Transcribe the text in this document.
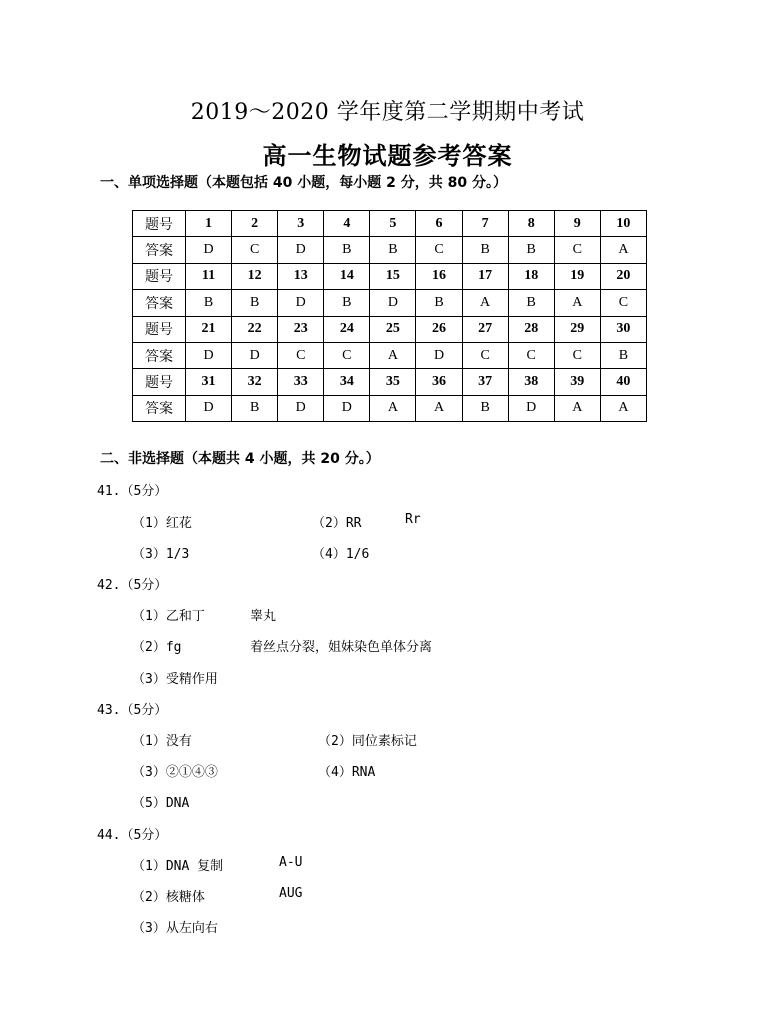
2019～2020 学年度第二学期期中考试
高一生物试题参考答案
一、单项选择题（本题包括 40 小题，每小题 2 分，共 80 分。）
题号	1	2	3	4	5	6	7	8	9	10
答案	D	C	D	B	B	C	B	B	C	A
题号	11	12	13	14	15	16	17	18	19	20
答案	B	B	D	B	D	B	A	B	A	C
题号	21	22	23	24	25	26	27	28	29	30
答案	D	D	C	C	A	D	C	C	C	B
题号	31	32	33	34	35	36	37	38	39	40
答案	D	B	D	D	A	A	B	D	A	A
二、非选择题（本题共 4 小题，共 20 分。）
41.（5分）
（1）红花	（2）RR	Rr
（3）1/3	（4）1/6
42.（5分）
（1）乙和丁	睾丸
（2）fg	着丝点分裂，姐妹染色单体分离
（3）受精作用
43.（5分）
（1）没有	（2）同位素标记
（3）②①④③	（4）RNA
（5）DNA
44.（5分）
（1）DNA 复制	A-U
（2）核糖体	AUG
（3）从左向右
